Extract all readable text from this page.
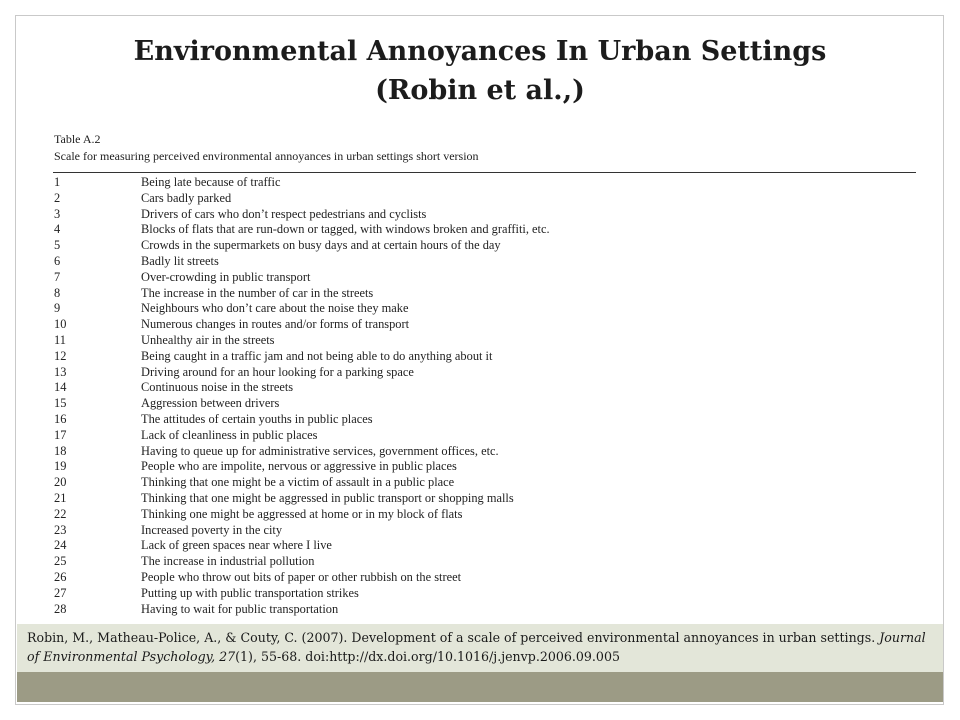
Environmental Annoyances In Urban Settings
(Robin et al.,)
Table A.2
Scale for measuring perceived environmental annoyances in urban settings short version
1	Being late because of traffic
2	Cars badly parked
3	Drivers of cars who don’t respect pedestrians and cyclists
4	Blocks of flats that are run-down or tagged, with windows broken and graffiti, etc.
5	Crowds in the supermarkets on busy days and at certain hours of the day
6	Badly lit streets
7	Over-crowding in public transport
8	The increase in the number of car in the streets
9	Neighbours who don’t care about the noise they make
10	Numerous changes in routes and/or forms of transport
11	Unhealthy air in the streets
12	Being caught in a traffic jam and not being able to do anything about it
13	Driving around for an hour looking for a parking space
14	Continuous noise in the streets
15	Aggression between drivers
16	The attitudes of certain youths in public places
17	Lack of cleanliness in public places
18	Having to queue up for administrative services, government offices, etc.
19	People who are impolite, nervous or aggressive in public places
20	Thinking that one might be a victim of assault in a public place
21	Thinking that one might be aggressed in public transport or shopping malls
22	Thinking one might be aggressed at home or in my block of flats
23	Increased poverty in the city
24	Lack of green spaces near where I live
25	The increase in industrial pollution
26	People who throw out bits of paper or other rubbish on the street
27	Putting up with public transportation strikes
28	Having to wait for public transportation

Robin, M., Matheau-Police, A., & Couty, C. (2007). Development of a scale of perceived environmental annoyances in urban settings. Journal of Environmental Psychology, 27(1), 55-68. doi:http://dx.doi.org/10.1016/j.jenvp.2006.09.005
